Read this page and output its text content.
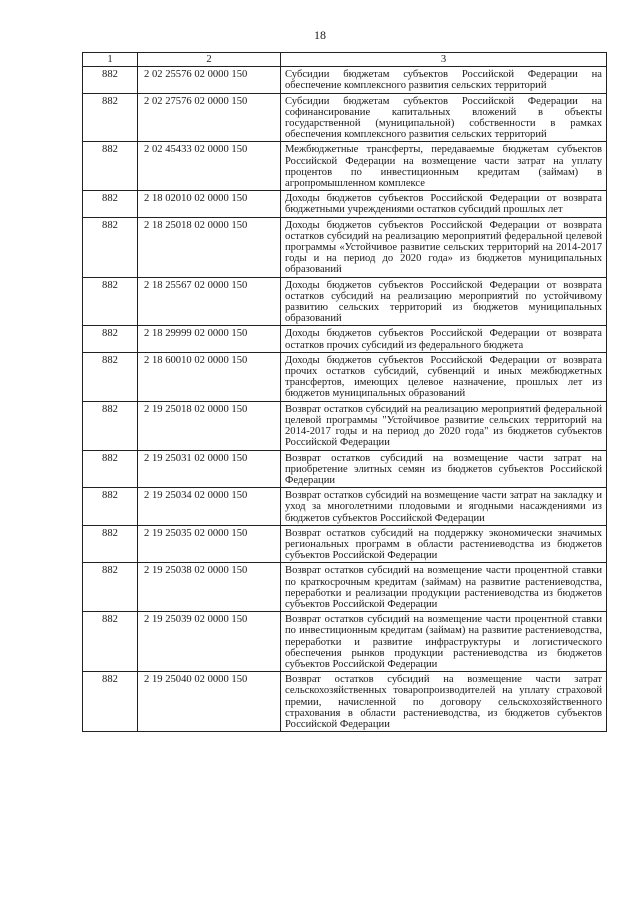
18
1	2	3
882	2 02 25576 02 0000 150	Субсидии бюджетам субъектов Российской Федерации на обеспечение комплексного развития сельских территорий
882	2 02 27576 02 0000 150	Субсидии бюджетам субъектов Российской Федерации на софинансирование капитальных вложений в объекты государственной (муниципальной) собственности в рамках обеспечения комплексного развития сельских территорий
882	2 02 45433 02 0000 150	Межбюджетные трансферты, передаваемые бюджетам субъектов Российской Федерации на возмещение части затрат на уплату процентов по инвестиционным кредитам (займам) в агропромышленном комплексе
882	2 18 02010 02 0000 150	Доходы бюджетов субъектов Российской Федерации от возврата бюджетными учреждениями остатков субсидий прошлых лет
882	2 18 25018 02 0000 150	Доходы бюджетов субъектов Российской Федерации от возврата остатков субсидий на реализацию мероприятий федеральной целевой программы «Устойчивое развитие сельских территорий на 2014-2017 годы и на период до 2020 года» из бюджетов муниципальных образований
882	2 18 25567 02 0000 150	Доходы бюджетов субъектов Российской Федерации от возврата остатков субсидий на реализацию мероприятий по устойчивому развитию сельских территорий из бюджетов муниципальных образований
882	2 18 29999 02 0000 150	Доходы бюджетов субъектов Российской Федерации от возврата остатков прочих субсидий из федерального бюджета
882	2 18 60010 02 0000 150	Доходы бюджетов субъектов Российской Федерации от возврата прочих остатков субсидий, субвенций и иных межбюджетных трансфертов, имеющих целевое назначение, прошлых лет из бюджетов муниципальных образований
882	2 19 25018 02 0000 150	Возврат остатков субсидий на реализацию мероприятий федеральной целевой программы "Устойчивое развитие сельских территорий на 2014-2017 годы и на период до 2020 года" из бюджетов субъектов Российской Федерации
882	2 19 25031 02 0000 150	Возврат остатков субсидий на возмещение части затрат на приобретение элитных семян из бюджетов субъектов Российской Федерации
882	2 19 25034 02 0000 150	Возврат остатков субсидий на возмещение части затрат на закладку и уход за многолетними плодовыми и ягодными насаждениями из бюджетов субъектов Российской Федерации
882	2 19 25035 02 0000 150	Возврат остатков субсидий на поддержку экономически значимых региональных программ в области растениеводства из бюджетов субъектов Российской Федерации
882	2 19 25038 02 0000 150	Возврат остатков субсидий на возмещение части процентной ставки по краткосрочным кредитам (займам) на развитие растениеводства, переработки и реализации продукции растениеводства из бюджетов субъектов Российской Федерации
882	2 19 25039 02 0000 150	Возврат остатков субсидий на возмещение части процентной ставки по инвестиционным кредитам (займам) на развитие растениеводства, переработки и развитие инфраструктуры и логистического обеспечения рынков продукции растениеводства из бюджетов субъектов Российской Федерации
882	2 19 25040 02 0000 150	Возврат остатков субсидий на возмещение части затрат сельскохозяйственных товаропроизводителей на уплату страховой премии, начисленной по договору сельскохозяйственного страхования в области растениеводства, из бюджетов субъектов Российской Федерации
